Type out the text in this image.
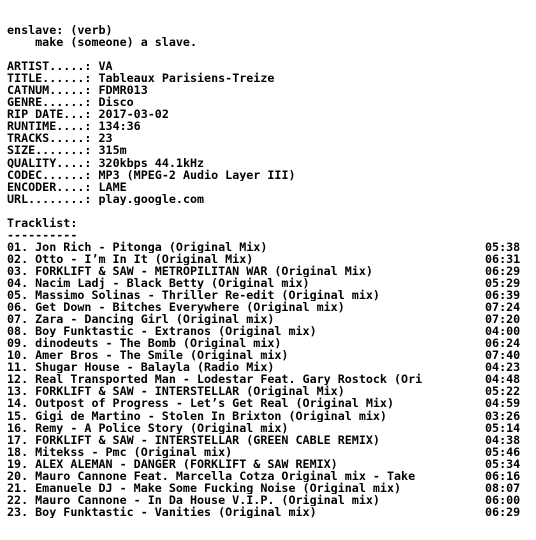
enslave: (verb)
make (someone) a slave.
ARTIST.....: VA
TITLE......: Tableaux Parisiens-Treize
CATNUM.....: FDMR013
GENRE......: Disco
RIP DATE...: 2017-03-02
RUNTIME....: 134:36
TRACKS.....: 23
SIZE.......: 315m
QUALITY....: 320kbps 44.1kHz
CODEC......: MP3 (MPEG-2 Audio Layer III)
ENCODER....: LAME
URL........: play.google.com
Tracklist:
----------
01. Jon Rich - Pitonga (Original Mix)	05:38
02. Otto - I’m In It (Original Mix)	06:31
03. FORKLIFT & SAW - METROPILITAN WAR (Original Mix)	06:29
04. Nacim Ladj - Black Betty (Original mix)	05:29
05. Massimo Solinas - Thriller Re-edit (Original mix)	06:39
06. Get Down - Bitches Everywhere (Original mix)	07:24
07. Zara - Dancing Girl (Original mix)	07:20
08. Boy Funktastic - Extranos (Original mix)	04:00
09. dinodeuts - The Bomb (Original mix)	06:24
10. Amer Bros - The Smile (Original mix)	07:40
11. Shugar House - Balayla (Radio Mix)	04:23
12. Real Transported Man - Lodestar Feat. Gary Rostock (Ori	04:48
13. FORKLIFT & SAW - INTERSTELLAR (Original Mix)	05:22
14. Outpost of Progress - Let’s Get Real (Original Mix)	04:59
15. Gigi de Martino - Stolen In Brixton (Original mix)	03:26
16. Remy - A Police Story (Original mix)	05:14
17. FORKLIFT & SAW - INTERSTELLAR (GREEN CABLE REMIX)	04:38
18. Mitekss - Pmc (Original mix)	05:46
19. ALEX ALEMAN - DANGER (FORKLIFT & SAW REMIX)	05:34
20. Mauro Cannone Feat. Marcella Cotza Original mix - Take	06:16
21. Emanuele DJ - Make Some Fucking Noise (Original mix)	08:07
22. Mauro Cannone - In Da House V.I.P. (Original mix)	06:00
23. Boy Funktastic - Vanities (Original mix)	06:29
